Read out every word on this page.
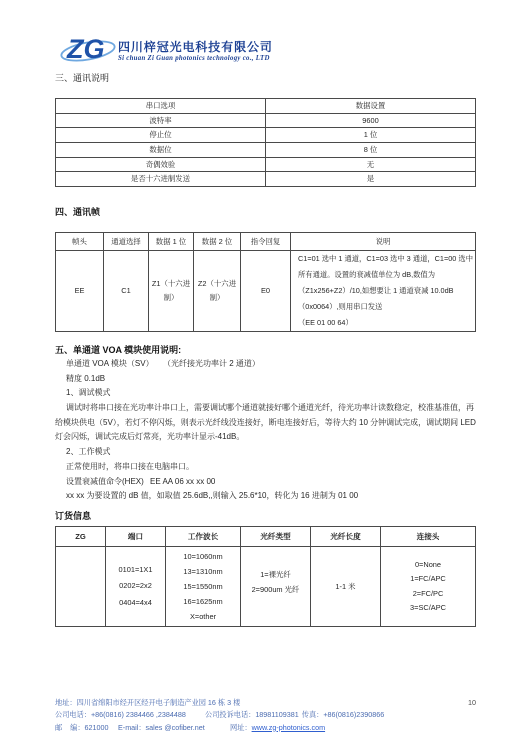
ZG 四川梓冠光电科技有限公司
Si chuan Zi Guan photonics technology co., LTD
三、通讯说明
串口选项	数据设置
波特率	9600
停止位	1 位
数据位	8 位
奇偶效验	无
是否十六进制发送	是
四、通讯帧
帧头	通道选择	数据 1 位	数据 2 位	指令回复	说明
EE	C1	Z1（十六进制）	Z2（十六进制）	E0	C1=01 选中 1 通道，C1=03 选中 3 通道，C1=00 选中
所有通道。设置的衰减值单位为 dB,数值为
（Z1x256+Z2）/10,如想要让 1 通道衰减 10.0dB
（0x0064）,则用串口发送
（EE 01 00 64）
五、单通道 VOA 模块使用说明:
单通道 VOA 模块（SV） （光纤接光功率计 2 通道）
精度 0.1dB
1、调试模式
调试时将串口接在光功率计串口上，需要调试哪个通道就接好哪个通道光纤，待光功率计读数稳定，校准基准值，再
给模块供电（5V），若灯不停闪烁，则表示光纤线没连接好，断电连接好后，等待大约 10 分钟调试完成，调试期间 LED
灯会闪烁，调试完成后灯常亮，光功率计显示-41dB。
2、工作模式
正常使用时，将串口接在电脑串口。
设置衰减值命令(HEX) EE AA 06 xx xx 00
xx xx 为要设置的 dB 值，如取值 25.6dB,,则输入 25.6*10，转化为 16 进制为 01 00
订货信息
ZG	端口	工作波长	光纤类型	光纤长度	连接头

	0101=1X1
0202=2x2
0404=4x4	10=1060nm
13=1310nm
15=1550nm
16=1625nm
X=other	1=裸光纤
2=900um 光纤	1-1 米	0=None
1=FC/APC
2=FC/PC
3=SC/APC
地址：四川省绵阳市经开区经开电子制造产业园 16 栋 3 楼	10
公司电话：+86(0816) 2384466 ,2384488	公司投诉电话：18981109381 传真：+86(0816)2390866
邮    编：621000 E-mail：sales @cofiber.net	网址：www.zg-photonics.com
